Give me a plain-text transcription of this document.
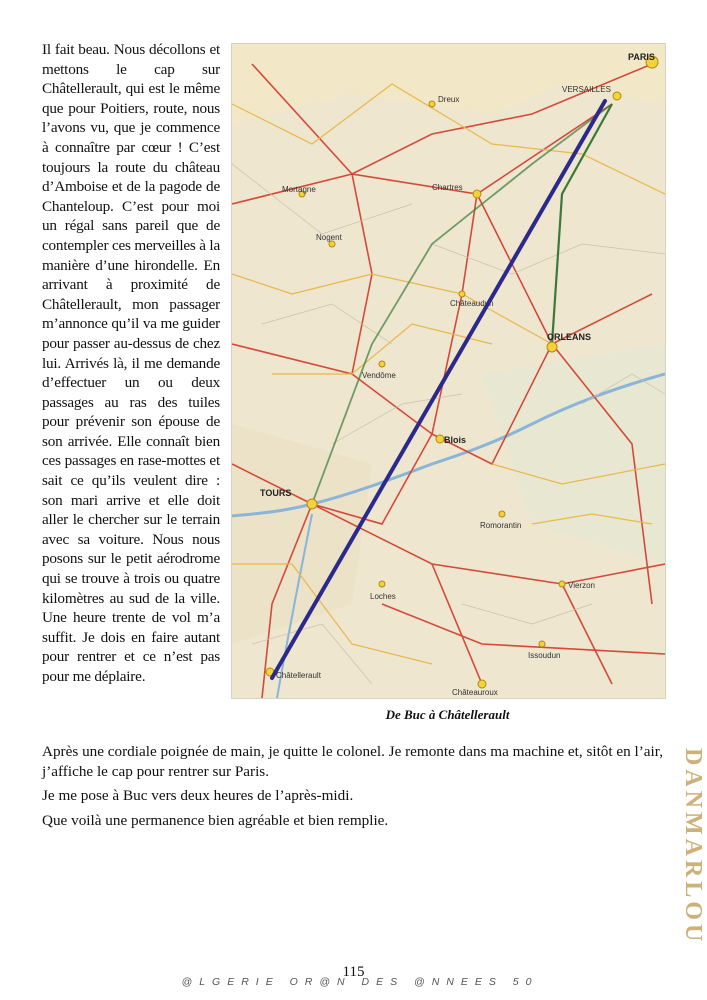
Il fait beau. Nous décollons et mettons le cap sur Châtellerault, qui est le même que pour Poitiers, route, nous l’avons vu, que je commence à connaître par cœur ! C’est toujours la route du château d’Amboise et de la pagode de Chanteloup. C’est pour moi un régal sans pareil que de contempler ces merveilles à la manière d’une hirondelle. En arrivant à proximité de Châtellerault, mon passager m’annonce qu’il va me guider pour passer au-dessus de chez lui. Arrivés là, il me demande d’effectuer un ou deux passages au ras des tuiles pour prévenir son épouse de son arrivée. Elle connaît bien ces passages en rase-mottes et sait ce qu’ils veulent dire : son mari arrive et elle doit aller le chercher sur le terrain avec sa voiture. Nous nous posons sur le petit aérodrome qui se trouve à trois ou quatre kilomètres au sud de la ville. Une heure trente de vol m’a suffit. Je dois en faire autant pour rentrer et ce n’est pas pour me déplaire.

PARIS
VERSAILLES
Chartres
ORLEANS
Blois
TOURS
Châtellerault
Châteauroux
Vierzon
Dreux
Mortagne
Châteaudun
Vendôme
Romorantin
Loches
Issoudun
Nogent
De Buc à Châtellerault

Après une cordiale poignée de main, je quitte le colonel. Je remonte dans ma machine et, sitôt en l’air, j’affiche le cap pour rentrer sur Paris.

Je me pose à Buc vers deux heures de l’après-midi.

Que voilà une permanence bien agréable et bien remplie.	DANMARLOU
115
@LGERIE OR@N DES @NNEES 50
